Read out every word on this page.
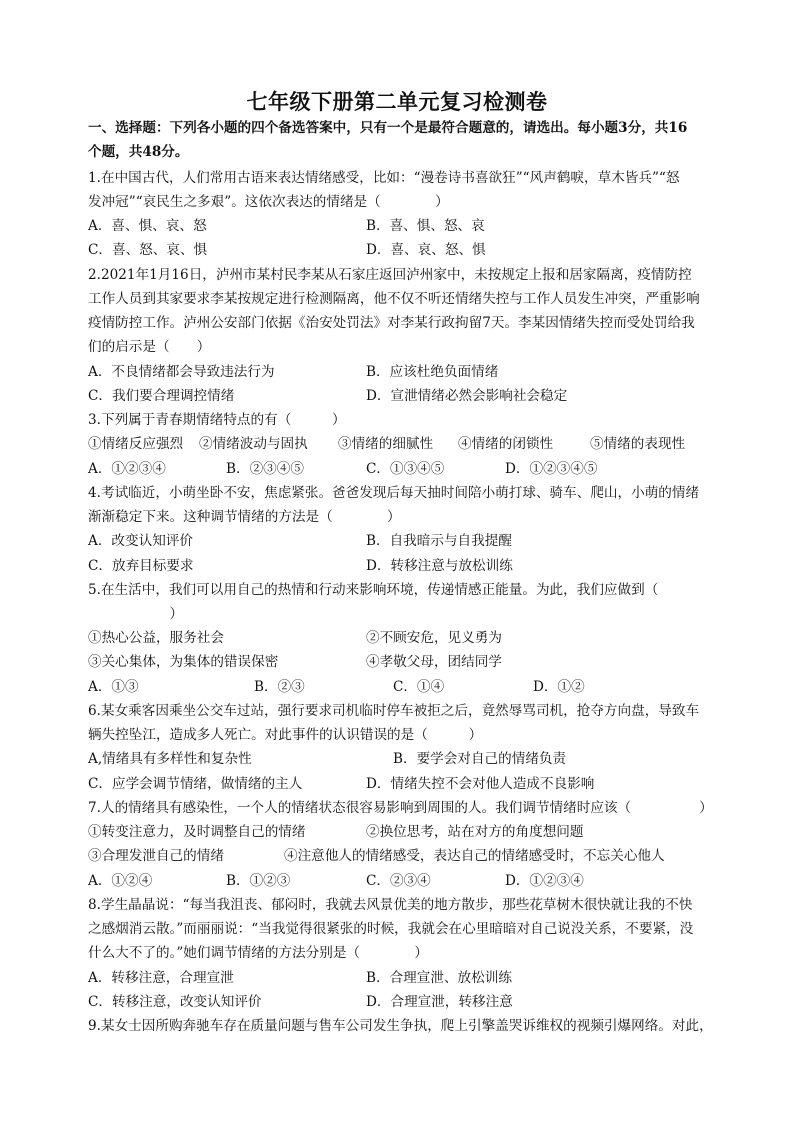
七年级下册第二单元复习检测卷
一、选择题：下列各小题的四个备选答案中，只有一个是最符合题意的，请选出。每小题3分，共16
个题，共48分。
1.在中国古代，人们常用古语来表达情绪感受，比如：“漫卷诗书喜欲狂”“风声鹤唳，草木皆兵”“怒
发冲冠”“哀民生之多艰”。这依次表达的情绪是（　　　　）
A．喜、惧、哀、怒	B．喜、惧、怒、哀
C．喜、怒、哀、惧	D．喜、哀、怒、惧
2.2021年1月16日，泸州市某村民李某从石家庄返回泸州家中，未按规定上报和居家隔离，疫情防控
工作人员到其家要求李某按规定进行检测隔离，他不仅不听还情绪失控与工作人员发生冲突，严重影响
疫情防控工作。泸州公安部门依据《治安处罚法》对李某行政拘留7天。李某因情绪失控而受处罚给我
们的启示是（　　）
A．不良情绪都会导致违法行为	B．应该杜绝负面情绪
C．我们要合理调控情绪	D．宣泄情绪必然会影响社会稳定
3.下列属于青春期情绪特点的有（　　　）
①情绪反应强烈 ②情绪波动与固执 ③情绪的细腻性 ④情绪的闭锁性	⑤情绪的表现性
A．①②③④	B．②③④⑤	C．①③④⑤	D．①②③④⑤
4.考试临近，小萌坐卧不安，焦虑紧张。爸爸发现后每天抽时间陪小萌打球、骑车、爬山，小萌的情绪
渐渐稳定下来。这种调节情绪的方法是（　　　　）
A．改变认知评价	B．自我暗示与自我提醒
C．放弃目标要求	D．转移注意与放松训练
5.在生活中，我们可以用自己的热情和行动来影响环境，传递情感正能量。为此，我们应做到（
　　　　　　）
①热心公益，服务社会	②不顾安危，见义勇为
③关心集体，为集体的错误保密	④孝敬父母，团结同学
A．①③	B．②③	C．①④	D．①②
6.某女乘客因乘坐公交车过站，强行要求司机临时停车被拒之后，竟然辱骂司机，抢夺方向盘，导致车
辆失控坠江，造成多人死亡。对此事件的认识错误的是（　　　）
A,情绪具有多样性和复杂性	B．要学会对自己的情绪负责
C．应学会调节情绪，做情绪的主人	D．情绪失控不会对他人造成不良影响
7.人的情绪具有感染性，一个人的情绪状态很容易影响到周围的人。我们调节情绪时应该（　　　　　）
①转变注意力，及时调整自己的情绪	②换位思考，站在对方的角度想问题
③合理发泄自己的情绪	④注意他人的情绪感受，表达自己的情绪感受时，不忘关心他人
A．①②④	B．①②③	C．②③④	D．①②③④
8.学生晶晶说：“每当我沮丧、郁闷时，我就去风景优美的地方散步，那些花草树木很快就让我的不快
之感烟消云散。”而丽丽说：“当我觉得很紧张的时候，我就会在心里暗暗对自己说没关系，不要紧，没
什么大不了的。”她们调节情绪的方法分别是（　　　　）
A．转移注意，合理宣泄	B．合理宣泄、放松训练
C．转移注意，改变认知评价	D．合理宣泄，转移注意
9.某女士因所购奔驰车存在质量问题与售车公司发生争执，爬上引擎盖哭诉维权的视频引爆网络。对此，
